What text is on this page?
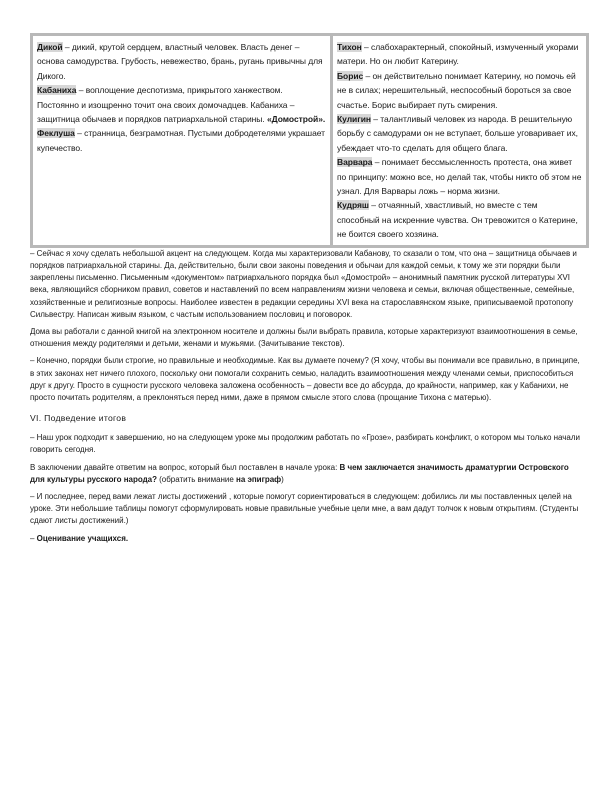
Дикой – дикий, крутой сердцем, властный человек. Власть денег – основа самодурства. Грубость, невежество, брань, ругань привычны для Дикого.

Кабаниха – воплощение деспотизма, прикрытого ханжеством. Постоянно и изощренно точит она своих домочадцев. Кабаниха – защитница обычаев и порядков патриархальной старины. «Домострой».

Феклуша – странница, безграмотная. Пустыми добродетелями украшает купечество.

Тихон – слабохарактерный, спокойный, измученный укорами матери. Но он любит Катерину.

Борис – он действительно понимает Катерину, но помочь ей не в силах; нерешительный, неспособный бороться за свое счастье. Борис выбирает путь смирения.

Кулигин – талантливый человек из народа. В решительную борьбу с самодурами он не вступает, больше уговаривает их, убеждает что-то сделать для общего блага.

Варвара – понимает бессмысленность протеста, она живет по принципу: можно все, но делай так, чтобы никто об этом не узнал. Для Варвары ложь – норма жизни.

Кудряш – отчаянный, хвастливый, но вместе с тем способный на искренние чувства. Он тревожится о Катерине, не боится своего хозяина.

– Сейчас я хочу сделать небольшой акцент на следующем. Когда мы характеризовали Кабанову, то сказали о том, что она – защитница обычаев и порядков патриархальной старины. Да, действительно, были свои законы поведения и обычаи для каждой семьи, к тому же эти порядки были закреплены письменно. Письменным «документом» патриархального порядка был «Домострой» – анонимный памятник русской литературы XVI века, являющийся сборником правил, советов и наставлений по всем направлениям жизни человека и семьи, включая общественные, семейные, хозяйственные и религиозные вопросы. Наиболее известен в редакции середины XVI века на старославянском языке, приписываемой протопопу Сильвестру. Написан живым языком, с частым использованием пословиц и поговорок.

Дома вы работали с данной книгой на электронном носителе и должны были выбрать правила, которые характеризуют взаимоотношения в семье, отношения между родителями и детьми, женами и мужьями. (Зачитывание текстов).

– Конечно, порядки были строгие, но правильные и необходимые. Как вы думаете почему? (Я хочу, чтобы вы понимали все правильно, в принципе, в этих законах нет ничего плохого, поскольку они помогали сохранить семью, наладить взаимоотношения между членами семьи, приспособиться друг к другу. Просто в сущности русского человека заложена особенность – довести все до абсурда, до крайности, например, как у Кабанихи, не просто почитать родителям, а преклоняться перед ними, даже в прямом смысле этого слова (прощание Тихона с матерью).

VI. Подведение итогов

– Наш урок подходит к завершению, но на следующем уроке мы продолжим работать по «Грозе», разбирать конфликт, о котором мы только начали говорить сегодня.

В заключении давайте ответим на вопрос, который был поставлен в начале урока: В чем заключается значимость драматургии Островского для культуры русского народа? (обратить внимание на эпиграф)

– И последнее, перед вами лежат листы достижений , которые помогут сориентироваться в следующем: добились ли мы поставленных целей на уроке. Эти небольшие таблицы помогут сформулировать новые правильные учебные цели мне, а вам дадут толчок к новым открытиям. (Студенты сдают листы достижений.)

– Оценивание учащихся.
